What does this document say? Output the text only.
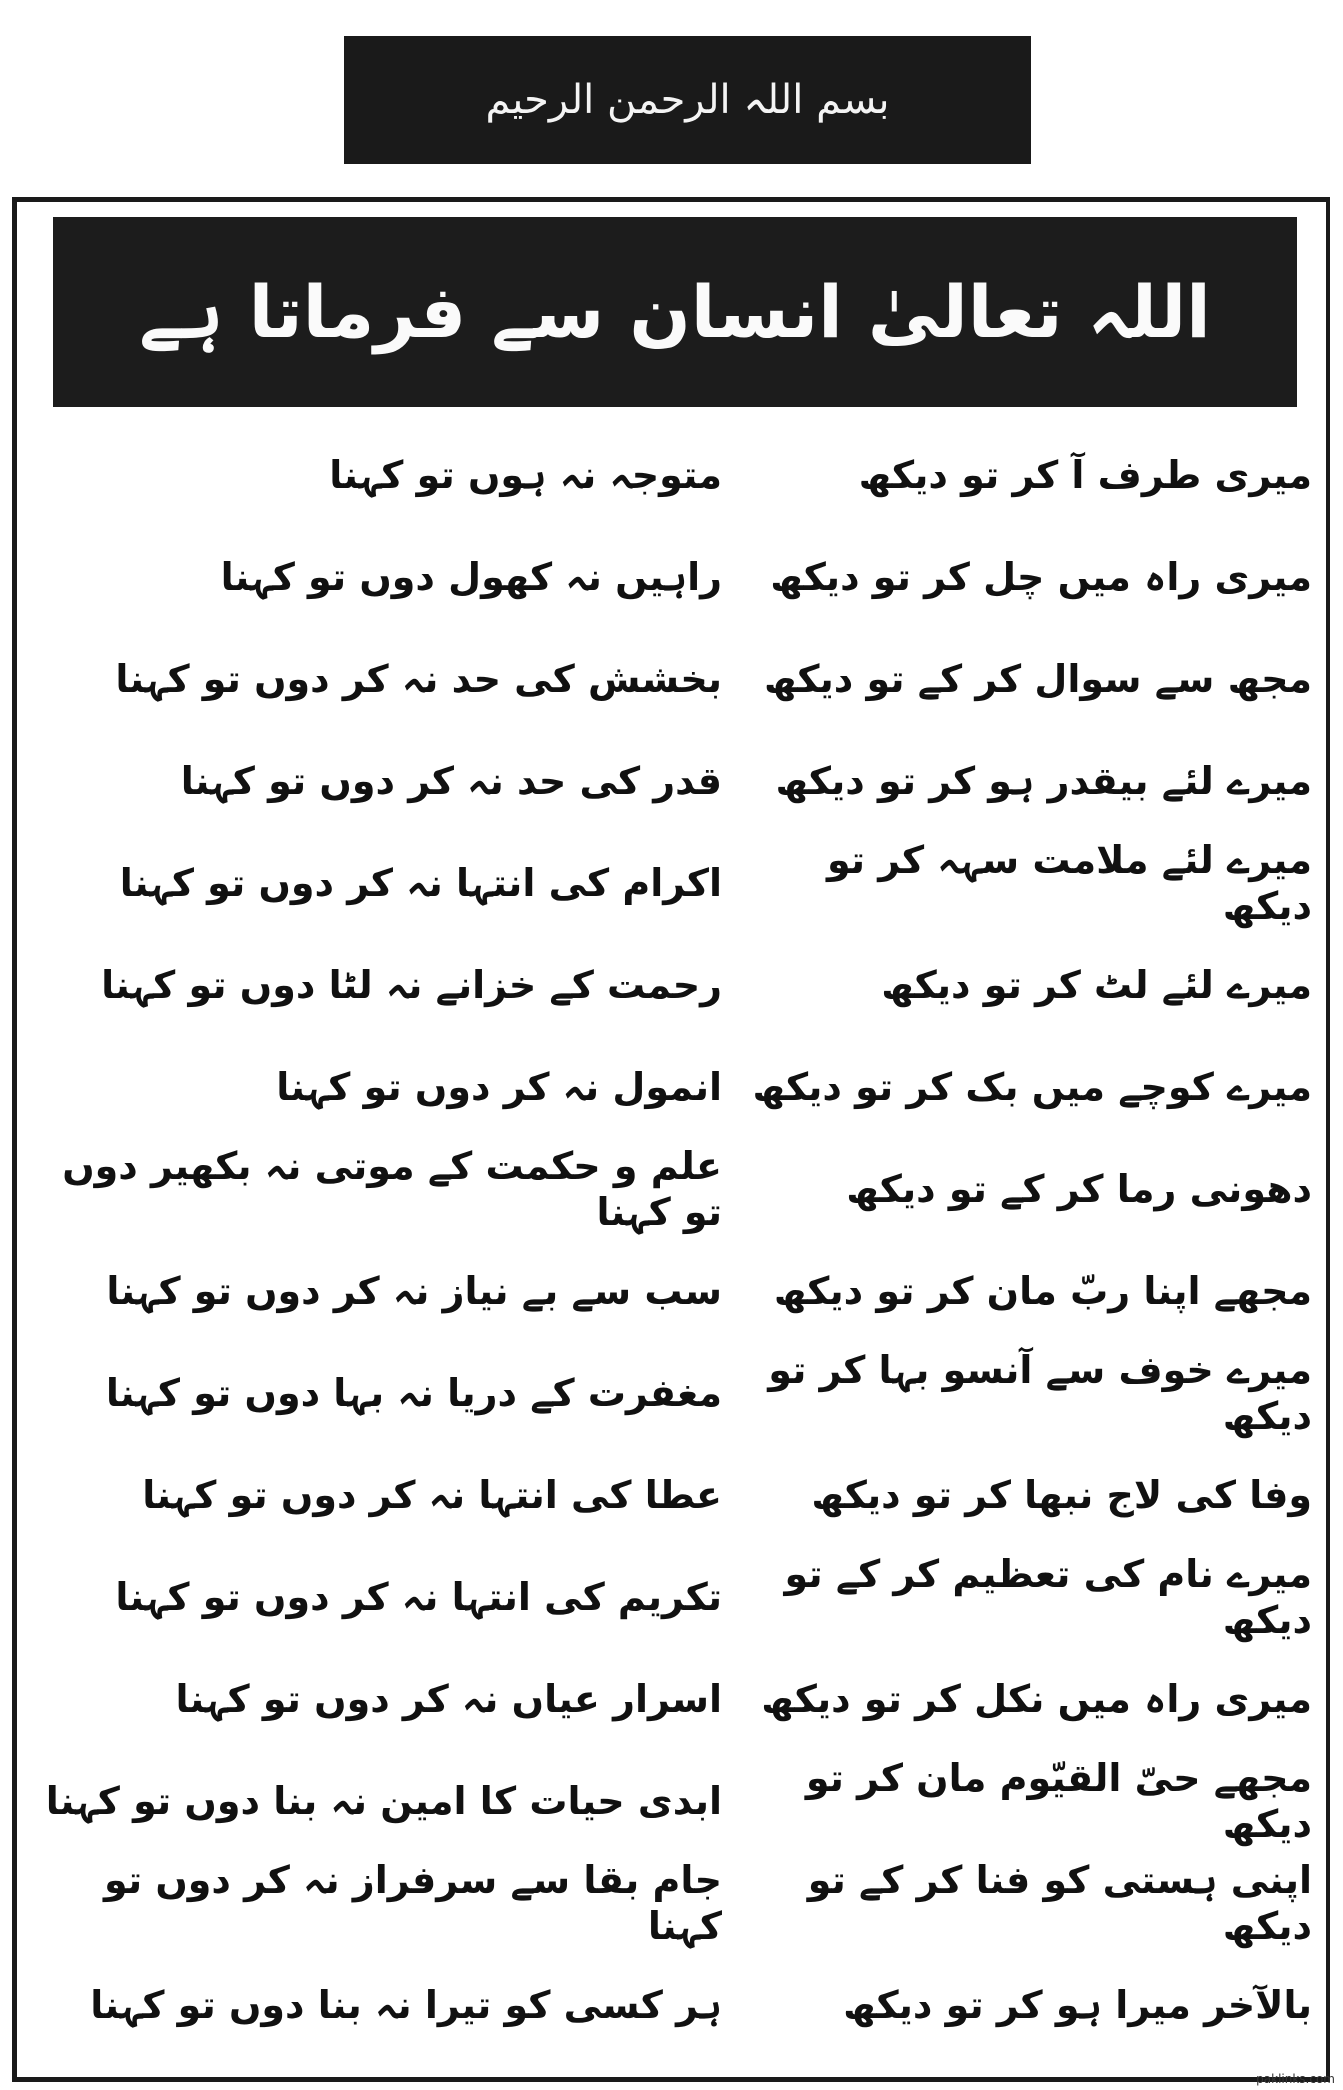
بسم اللہ الرحمن الرحیم
اللہ تعالیٰ انسان سے فرماتا ہے
میری طرف آ کر تو دیکھ
متوجہ نہ ہوں تو کہنا
میری راہ میں چل کر تو دیکھ
راہیں نہ کھول دوں تو کہنا
مجھ سے سوال کر کے تو دیکھ
بخشش کی حد نہ کر دوں تو کہنا
میرے لئے بیقدر ہو کر تو دیکھ
قدر کی حد نہ کر دوں تو کہنا
میرے لئے ملامت سہہ کر تو دیکھ
اکرام کی انتہا نہ کر دوں تو کہنا
میرے لئے لٹ کر تو دیکھ
رحمت کے خزانے نہ لٹا دوں تو کہنا
میرے کوچے میں بک کر تو دیکھ
انمول نہ کر دوں تو کہنا
دھونی رما کر کے تو دیکھ
علم و حکمت کے موتی نہ بکھیر دوں تو کہنا
مجھے اپنا ربّ مان کر تو دیکھ
سب سے بے نیاز نہ کر دوں تو کہنا
میرے خوف سے آنسو بہا کر تو دیکھ
مغفرت کے دریا نہ بہا دوں تو کہنا
وفا کی لاج نبھا کر تو دیکھ
عطا کی انتہا نہ کر دوں تو کہنا
میرے نام کی تعظیم کر کے تو دیکھ
تکریم کی انتہا نہ کر دوں تو کہنا
میری راہ میں نکل کر تو دیکھ
اسرار عیاں نہ کر دوں تو کہنا
مجھے حیّ القیّوم مان کر تو دیکھ
ابدی حیات کا امین نہ بنا دوں تو کہنا
اپنی ہستی کو فنا کر کے تو دیکھ
جام بقا سے سرفراز نہ کر دوں تو کہنا
بالآخر میرا ہو کر تو دیکھ
ہر کسی کو تیرا نہ بنا دوں تو کہنا
paklinks.com
